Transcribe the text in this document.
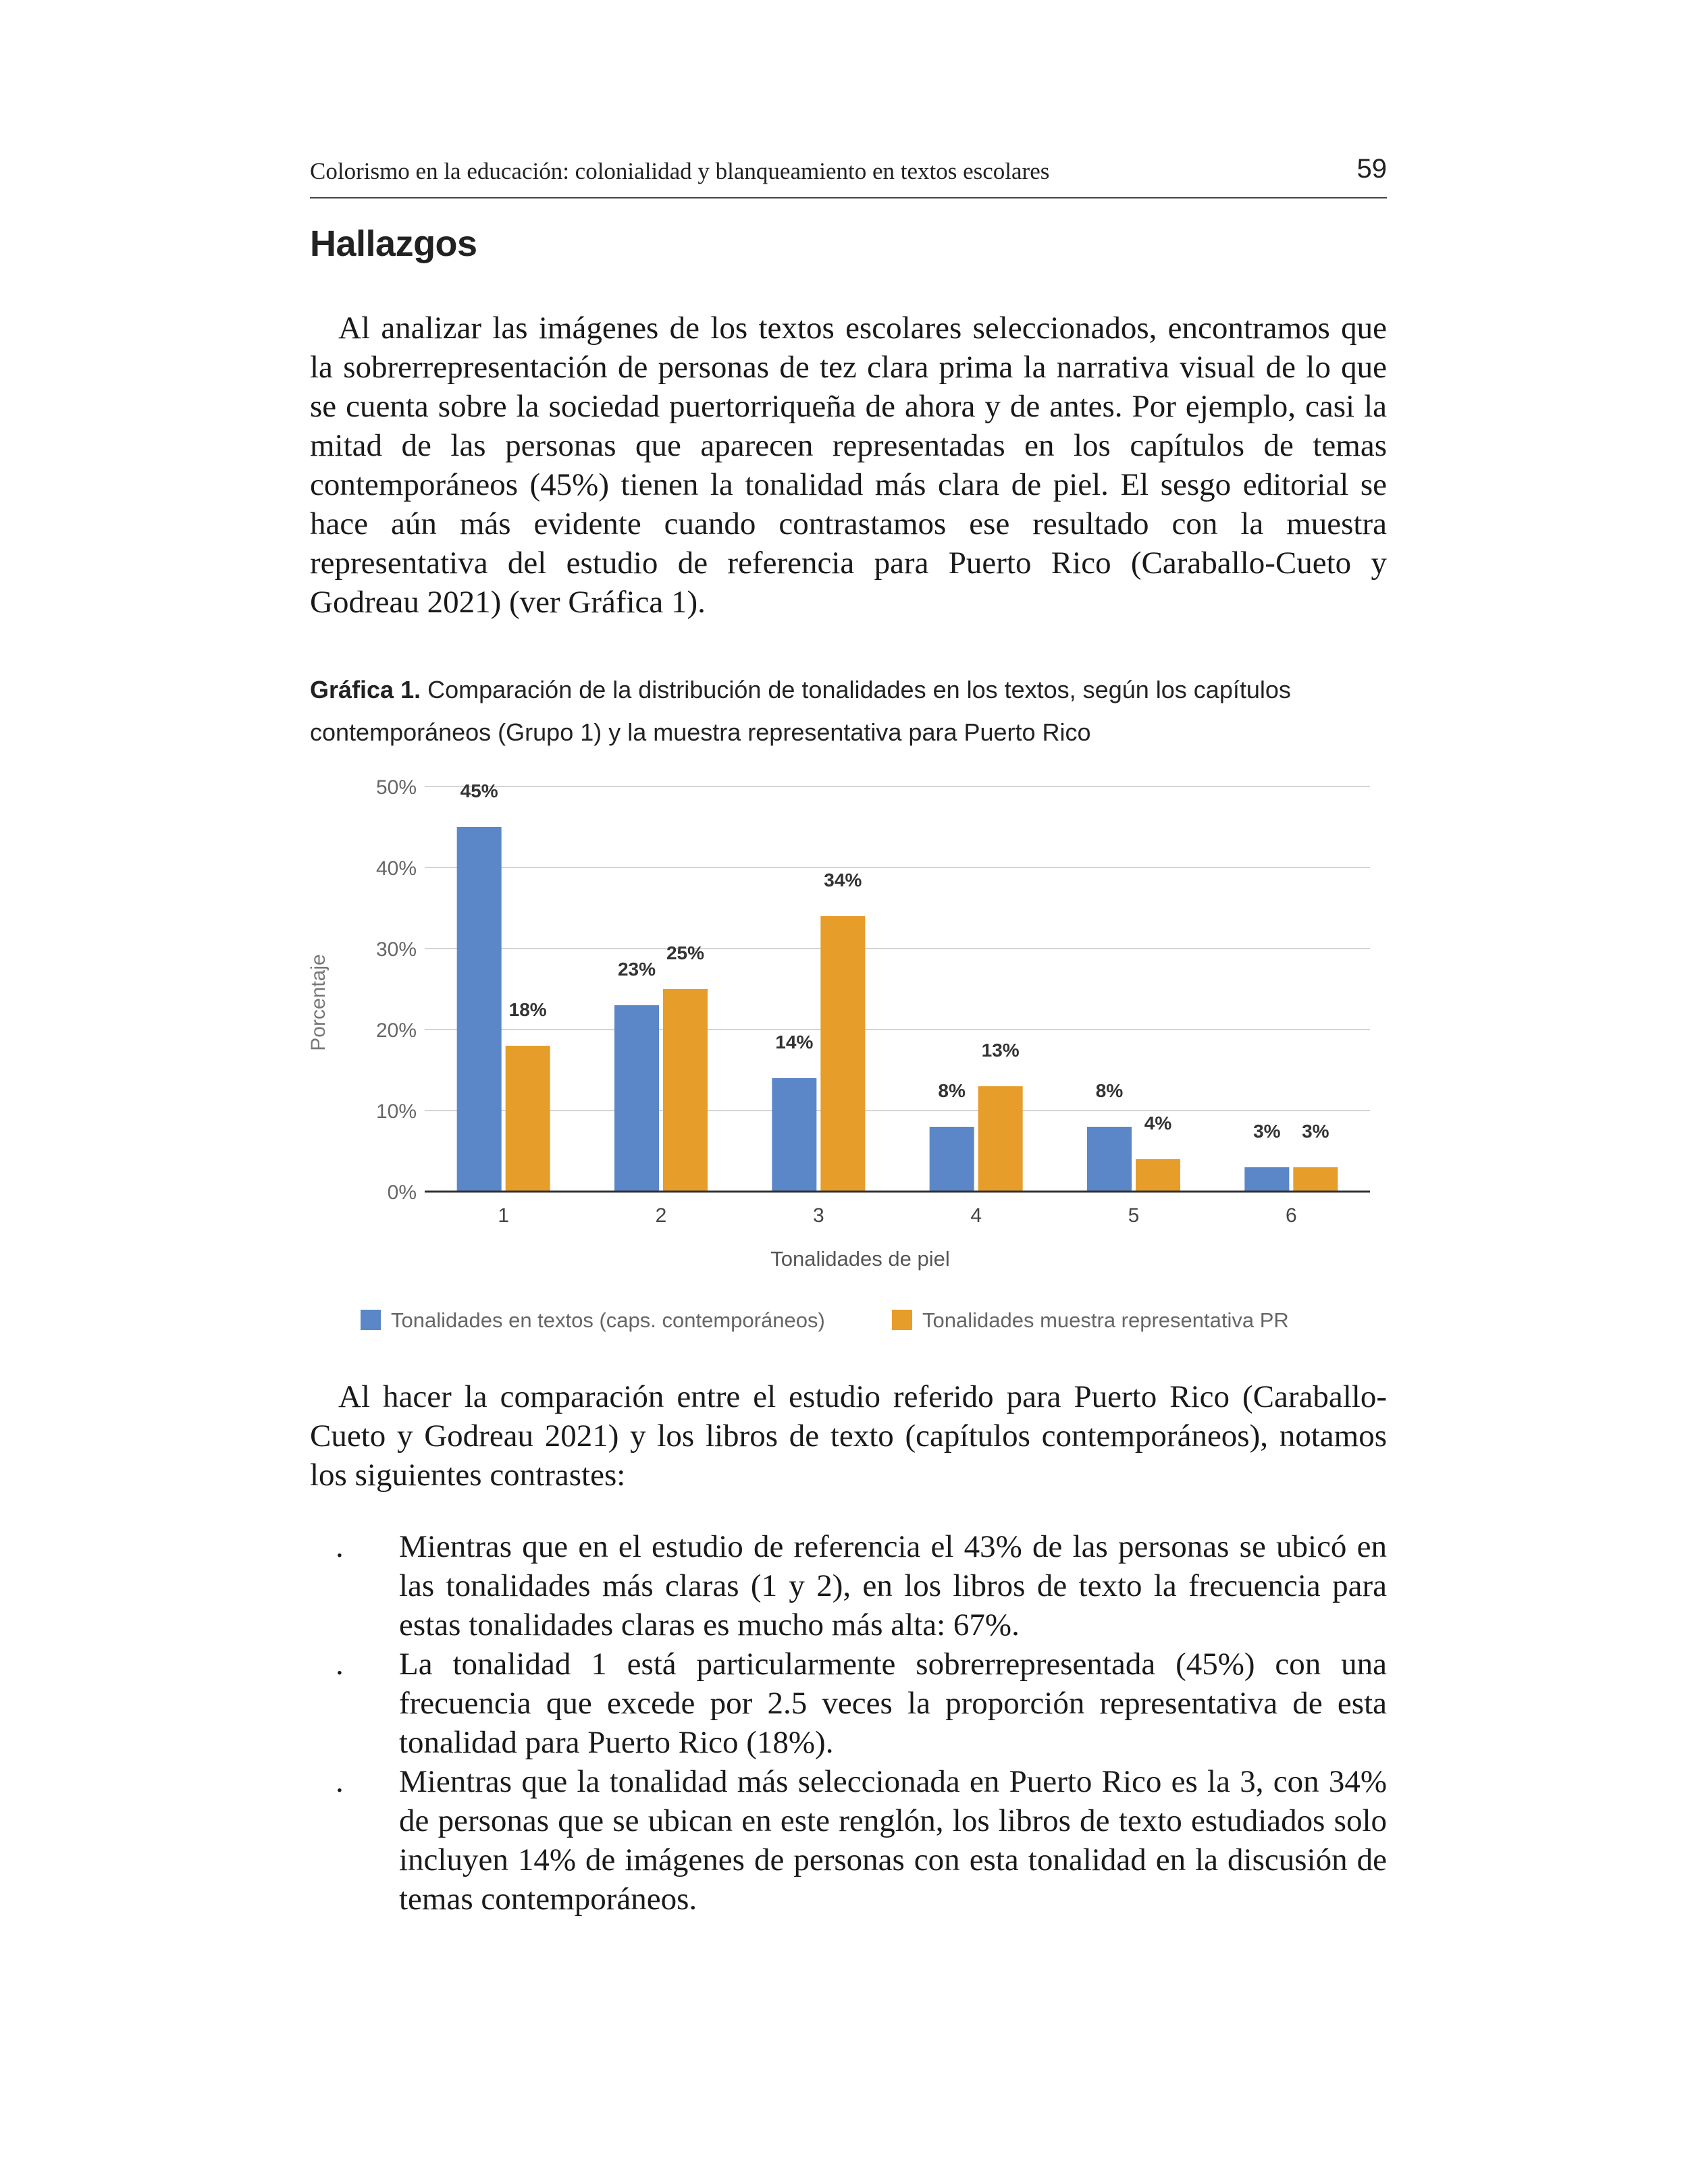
Colorismo en la educación: colonialidad y blanqueamiento en textos escolares	59
Hallazgos

Al analizar las imágenes de los textos escolares seleccionados, encontramos que la sobrerrepresentación de personas de tez clara prima la narrativa visual de lo que se cuenta sobre la sociedad puertorriqueña de ahora y de antes. Por ejemplo, casi la mitad de las personas que aparecen representadas en los capítulos de temas contemporáneos (45%) tienen la tonalidad más clara de piel. El sesgo editorial se hace aún más evidente cuando contrastamos ese resultado con la muestra representativa del estudio de referencia para Puerto Rico (Caraballo-Cueto y Godreau 2021) (ver Gráfica 1).

Gráfica 1. Comparación de la distribución de tonalidades en los textos, según los capítulos contemporáneos (Grupo 1) y la muestra representativa para Puerto Rico
0%
10%
20%
30%
40%
50% 45%
18%
23%
25%
14%
34%
8%
13%
8%
4%	3% 3%
1	2	3	4	5	6
Porcentaje
Tonalidades de piel
Tonalidades en textos (caps. contemporáneos)	Tonalidades muestra representativa PR

Al hacer la comparación entre el estudio referido para Puerto Rico (Caraballo-Cueto y Godreau 2021) y los libros de texto (capítulos contemporáneos), notamos los siguientes contrastes:

. Mientras que en el estudio de referencia el 43% de las personas se ubicó en las tonalidades más claras (1 y 2), en los libros de texto la frecuencia para estas tonalidades claras es mucho más alta: 67%.
. La tonalidad 1 está particularmente sobrerrepresentada (45%) con una frecuencia que excede por 2.5 veces la proporción representativa de esta tonalidad para Puerto Rico (18%).
. Mientras que la tonalidad más seleccionada en Puerto Rico es la 3, con 34% de personas que se ubican en este renglón, los libros de texto estudiados solo incluyen 14% de imágenes de personas con esta tonalidad en la discusión de temas contemporáneos.
